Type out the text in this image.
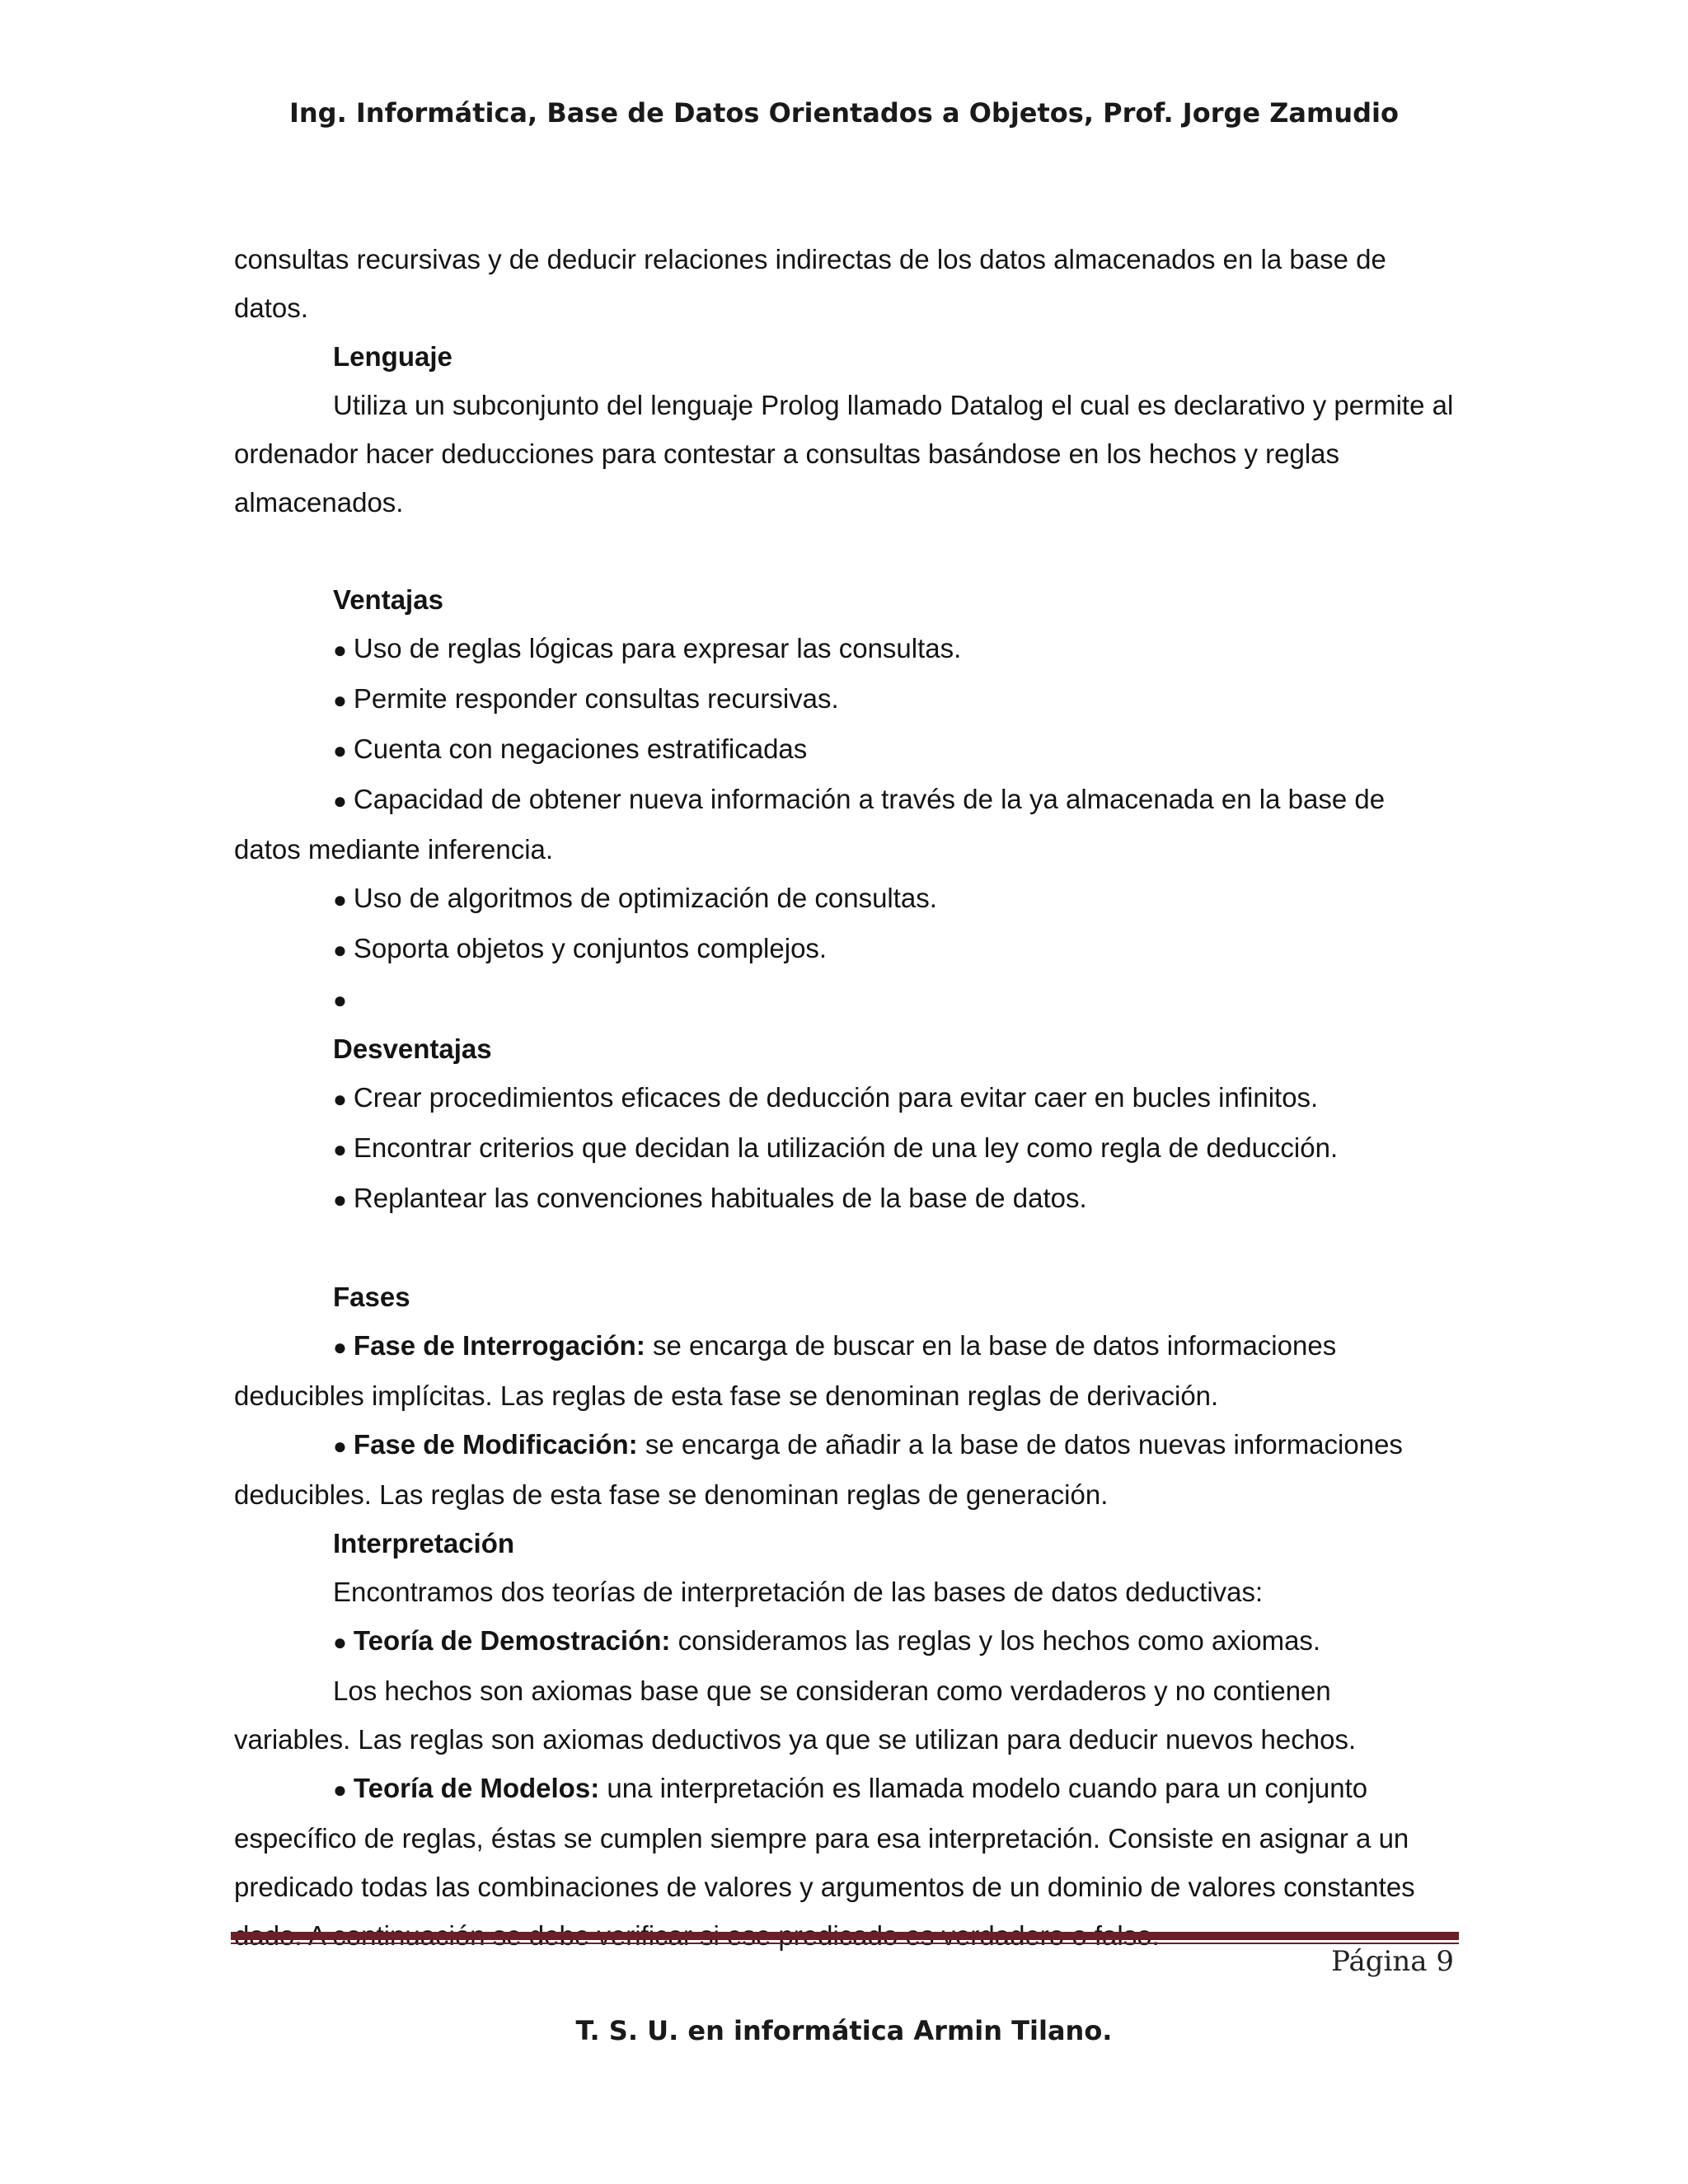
Ing. Informática, Base de Datos Orientados a Objetos, Prof. Jorge Zamudio

consultas recursivas y de deducir relaciones indirectas de los datos almacenados en la base de datos.

Lenguaje

Utiliza un subconjunto del lenguaje Prolog llamado Datalog el cual es declarativo y permite al ordenador hacer deducciones para contestar a consultas basándose en los hechos y reglas almacenados.

Ventajas

● Uso de reglas lógicas para expresar las consultas.

● Permite responder consultas recursivas.

● Cuenta con negaciones estratificadas

● Capacidad de obtener nueva información a través de la ya almacenada en la base de datos mediante inferencia.

● Uso de algoritmos de optimización de consultas.

● Soporta objetos y conjuntos complejos.

●

Desventajas

● Crear procedimientos eficaces de deducción para evitar caer en bucles infinitos.

● Encontrar criterios que decidan la utilización de una ley como regla de deducción.

● Replantear las convenciones habituales de la base de datos.

Fases

● Fase de Interrogación: se encarga de buscar en la base de datos informaciones deducibles implícitas. Las reglas de esta fase se denominan reglas de derivación.

● Fase de Modificación: se encarga de añadir a la base de datos nuevas informaciones deducibles. Las reglas de esta fase se denominan reglas de generación.

Interpretación

Encontramos dos teorías de interpretación de las bases de datos deductivas:

● Teoría de Demostración: consideramos las reglas y los hechos como axiomas.

Los hechos son axiomas base que se consideran como verdaderos y no contienen variables. Las reglas son axiomas deductivos ya que se utilizan para deducir nuevos hechos.

● Teoría de Modelos: una interpretación es llamada modelo cuando para un conjunto específico de reglas, éstas se cumplen siempre para esa interpretación. Consiste en asignar a un predicado todas las combinaciones de valores y argumentos de un dominio de valores constantes

Página 9
T. S. U. en informática Armin Tilano.
